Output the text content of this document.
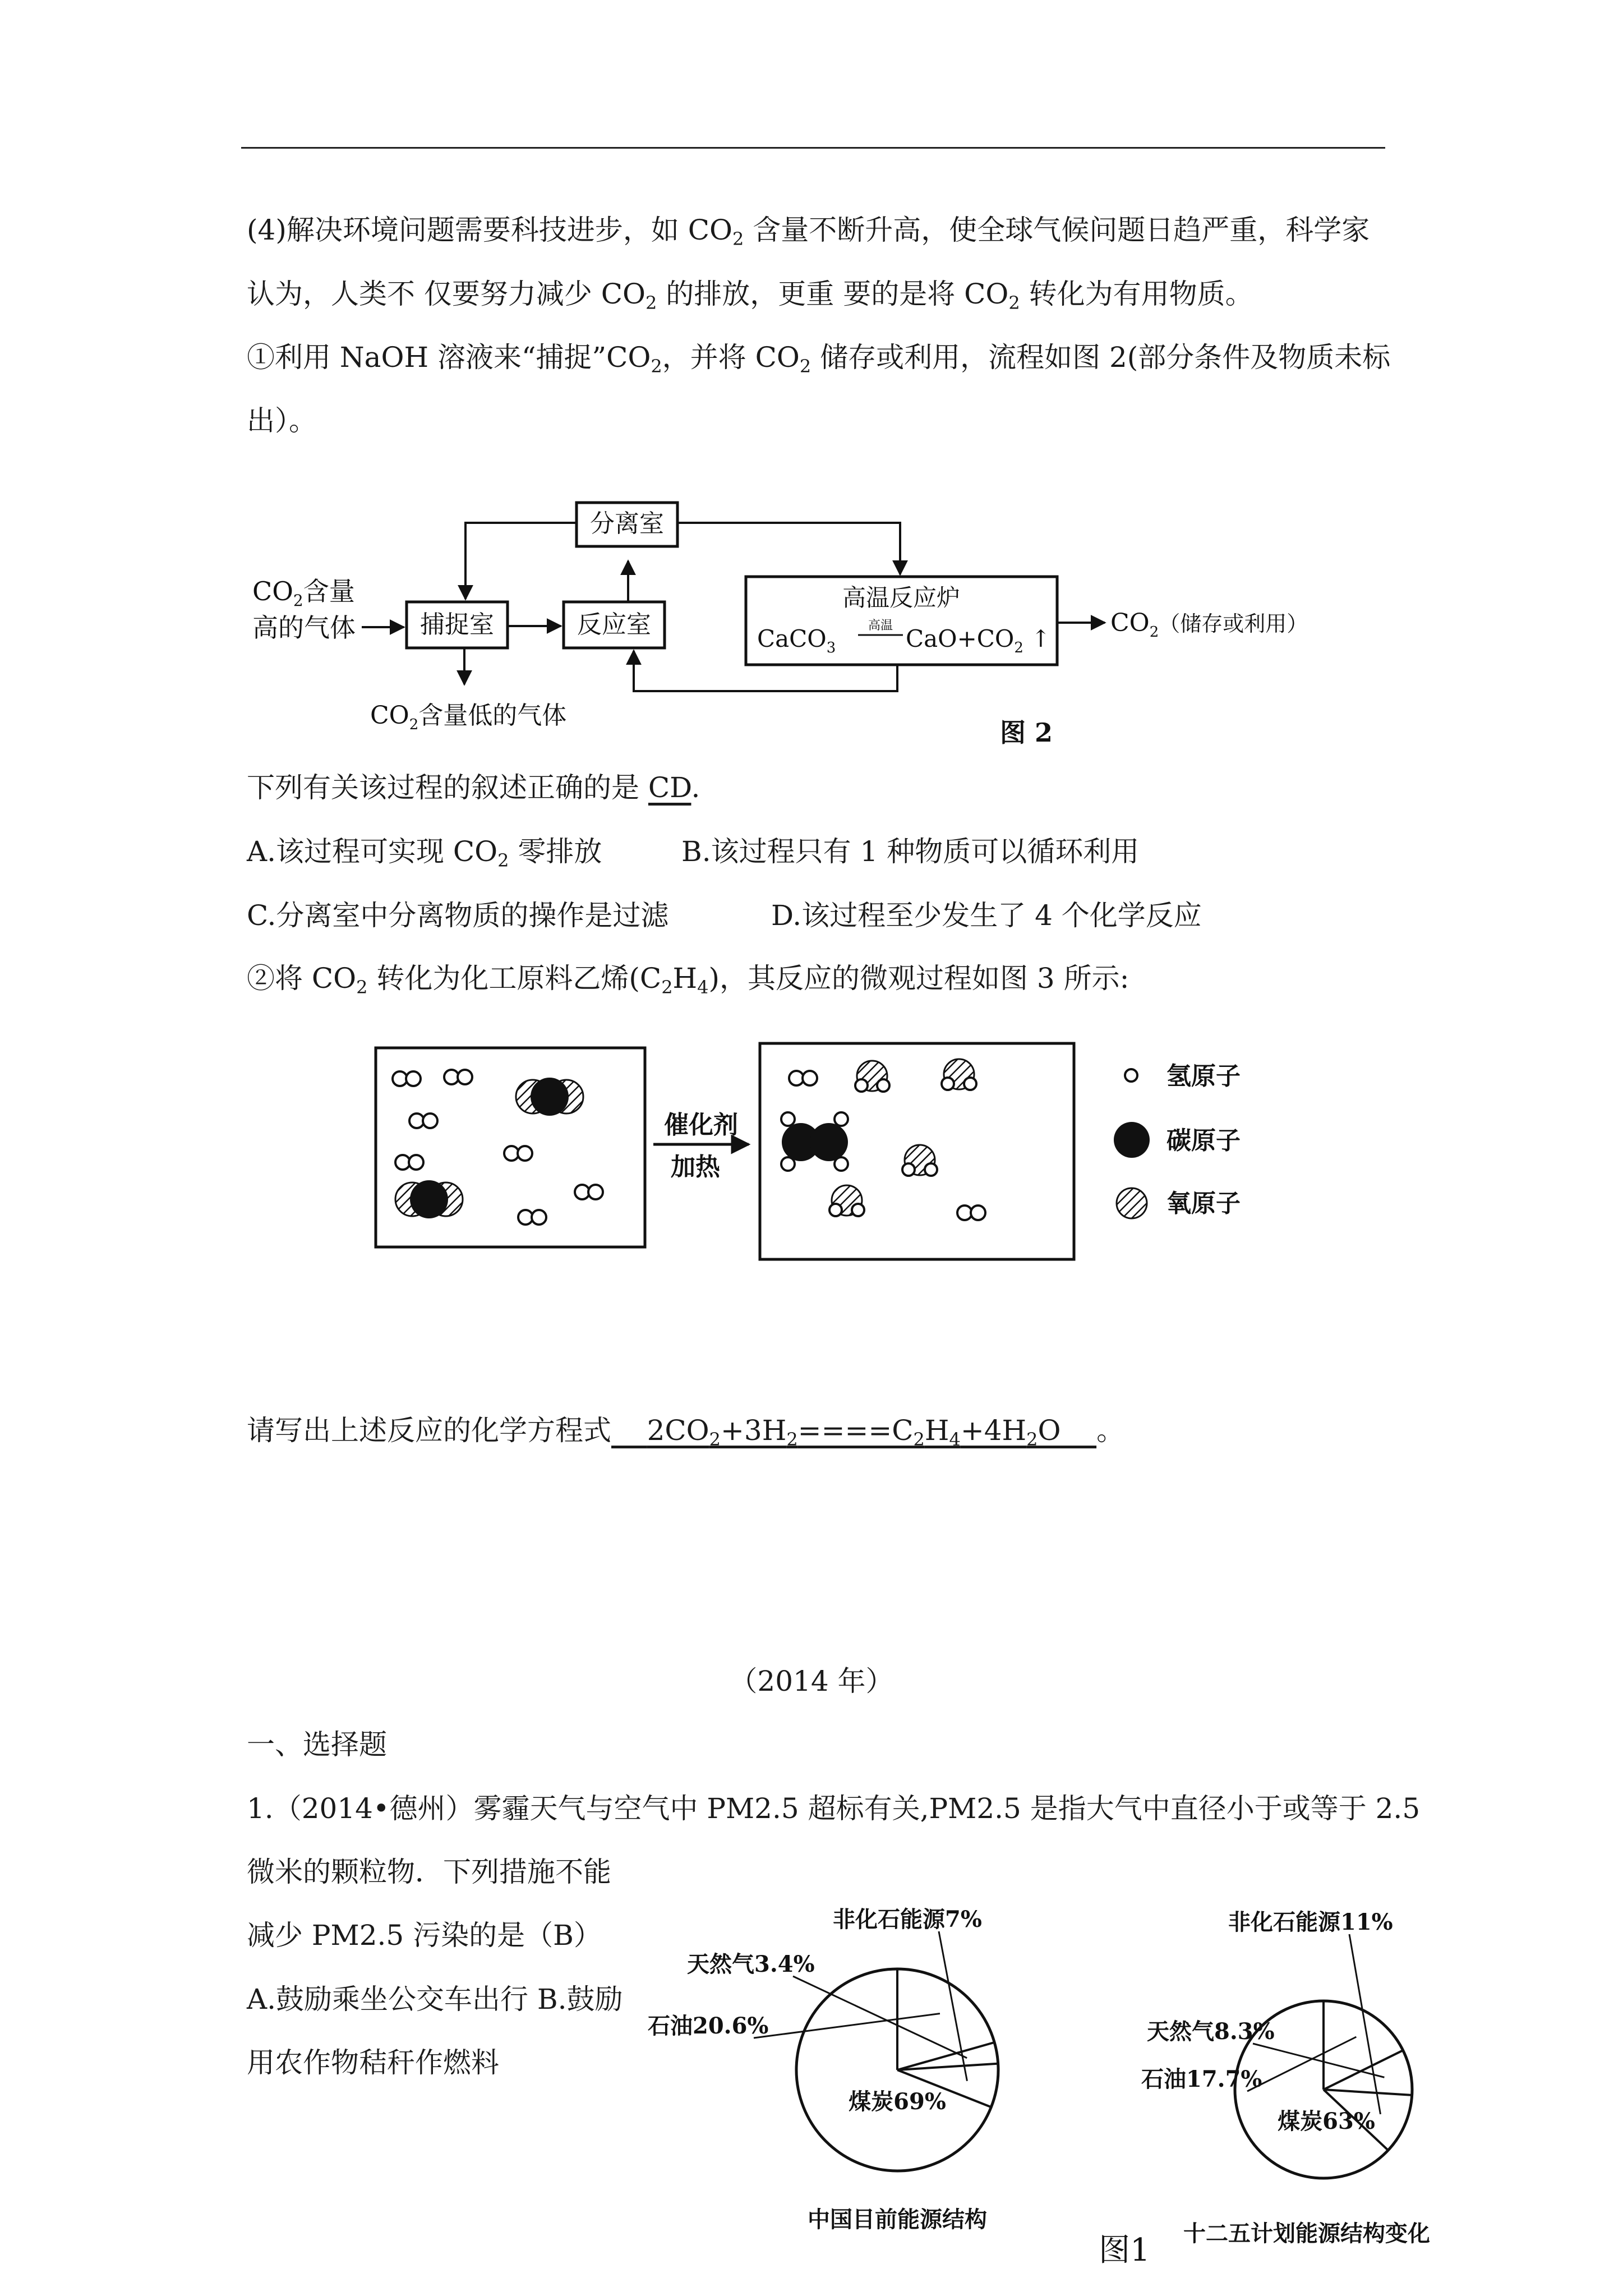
(4)解决环境问题需要科技进步，如 $CO_2$ 含量不断升高，使全球气候问题日趋严重，科学家
认为，人类不 仅要努力减少 $CO_2$ 的排放，更重 要的是将 $CO_2$ 转化为有用物质。
①利用 NaOH 溶液来“捕捉$”CO_2$，并将 $CO_2$ 储存或利用，流程如图 2(部分条件及物质未标
出）。
$CO_2$含量
高的气体	捕捉室	反应室
分离室
高温反应炉
CaCO$_3$
高温 $CaO+CO_2$ ↑
$CO_2$（储存或利用）
$CO_2$含量低的气体
图 2
下列有关该过程的叙述正确的是 CD.
A.该过程可实现 $CO_2$ 零排放	B.该过程只有 1 种物质可以循环利用
C.分离室中分离物质的操作是过滤	D.该过程至少发生了 4 个化学反应
②将 $CO_2$ 转化为化工原料乙烯$(C_2H_4)$，其反应的微观过程如图 3 所示:
催化剂
加热
氢原子
碳原子
氧原子
请写出上述反应的化学方程式 $2CO_2+3H_2====C_2H_4+4H_2O$ 。
（2014 年）
一、选择题
1.（2014•德州）雾霾天气与空气中 PM2.5 超标有关,PM2.5 是指大气中直径小于或等于 2.5
微米的颗粒物．下列措施不能
减少 PM2.5 污染的是（B）
A.鼓励乘坐公交车出行 B.鼓励
用农作物秸秆作燃料
煤炭69%
石油20.6%
天然气3.4%
非化石能源7%
中国目前能源结构
煤炭63%
石油17.7%
天然气8.3%
非化石能源11%
十二五计划能源结构变化
图1
